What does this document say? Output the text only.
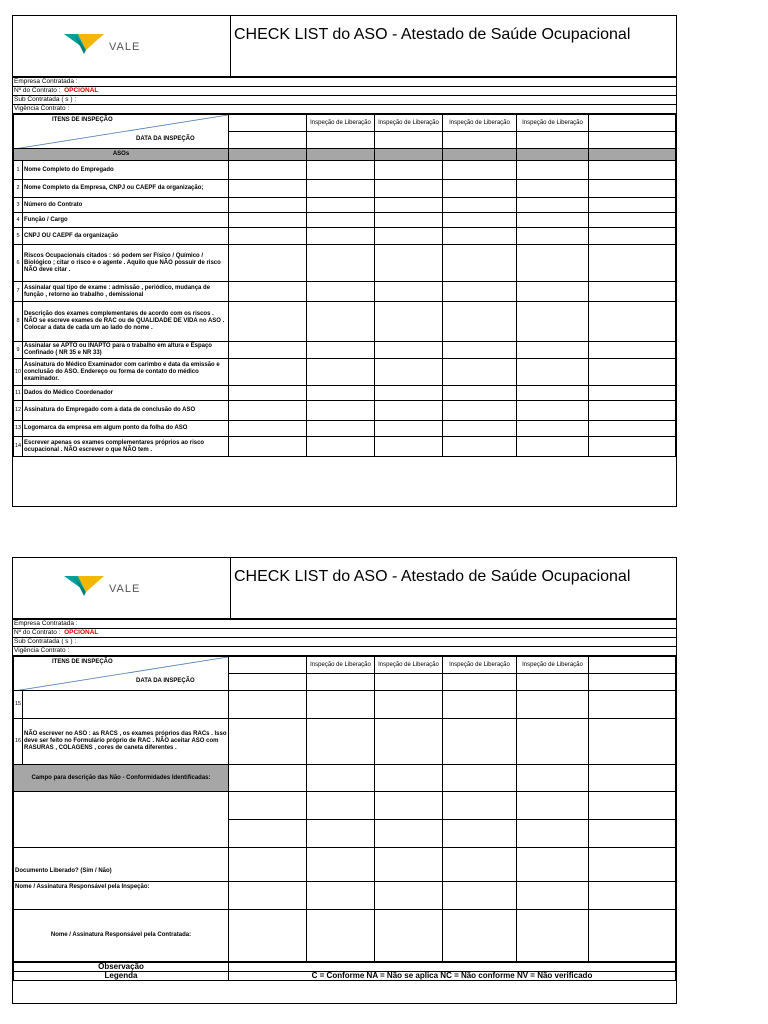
VALE
	CHECK LIST do ASO - Atestado de Saúde Ocupacional
Empresa Contratada :
Nº do Contrato : OPCIONAL
Sub Contratada ( s ) :
Vigência Contrato :
ITENS DE INSPEÇÃO
DATA DA INSPEÇÃO			Inspeção de Liberação	Inspeção de Liberação	Inspeção de Liberação	Inspeção de Liberação	

ASOs							
1	Nome Completo do Empregado						
2	Nome Completo da Empresa, CNPJ ou CAEPF da organização;						
3	Número do Contrato						
4	Função / Cargo						
5	CNPJ OU CAEPF da organização						
6	Riscos Ocupacionais citados : só podem ser Físico / Químico / Biológico ; citar o risco e o agente . Aquilo que NÃO possuir de risco NÃO deve citar .						
7	Assinalar qual tipo de exame : admissão , periódico, mudança de função , retorno ao trabalho , demissional						
8	Descrição dos exames complementares de acordo com os riscos . NÃO se escreve exames de RAC ou de QUALIDADE DE VIDA no ASO . Colocar a data de cada um ao lado do nome .						
9	Assinalar se APTO ou INAPTO para o trabalho em altura e Espaço Confinado ( NR 35 e NR 33)						
10	Assinatura do Médico Examinador com carimbo e data da emissão e conclusão do ASO. Endereço ou forma de contato do médico examinador.						
11	Dados do Médico Coordenador						
12	Assinatura do Empregado com a data de conclusão do ASO						
13	Logomarca da empresa em algum ponto da folha do ASO						
14	Escrever apenas os exames complementares próprios ao risco ocupacional . NÃO escrever o que NÃO tem .						
VALE
	CHECK LIST do ASO - Atestado de Saúde Ocupacional
Empresa Contratada :
Nº do Contrato : OPCIONAL
Sub Contratada ( s ) :
Vigência Contrato :
ITENS DE INSPEÇÃO
DATA DA INSPEÇÃO			Inspeção de Liberação	Inspeção de Liberação	Inspeção de Liberação	Inspeção de Liberação	

15							
16	NÃO escrever no ASO : as RACS , os exames próprios das RACs . Isso deve ser feito no Formulário próprio de RAC . NÃO aceitar ASO com RASURAS , COLAGENS , cores de caneta diferentes .						
Campo para descrição das Não - Conformidades Identificadas:							

Documento Liberado? (Sim / Não)							
Nome / Assinatura Responsável pela Inspeção:							
Nome / Assinatura Responsável pela Contratada:							
Observação	
Legenda	C = Conforme NA = Não se aplica NC = Não conforme NV = Não verificado
